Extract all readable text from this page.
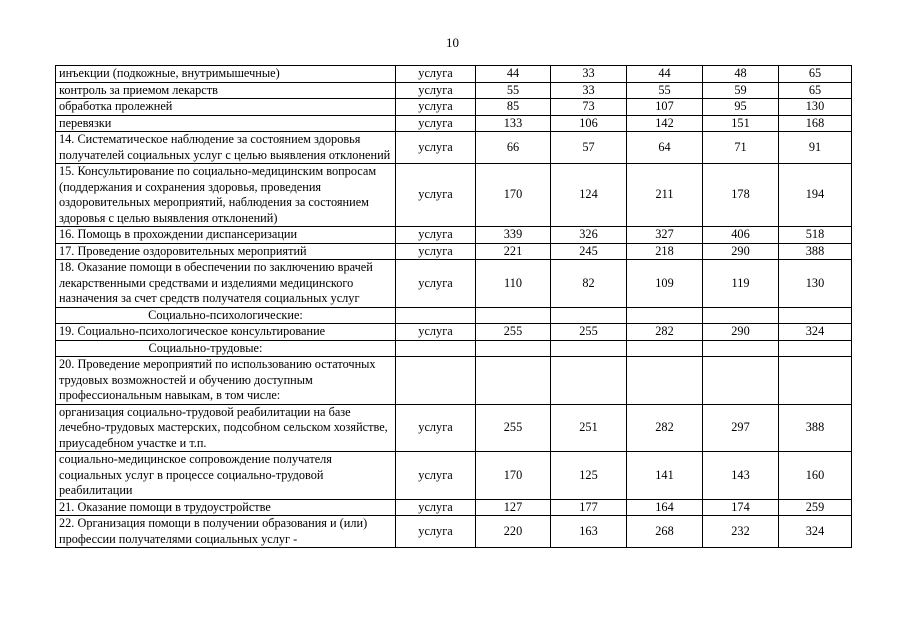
10
инъекции (подкожные, внутримышечные)	услуга	44	33	44	48	65
контроль за приемом лекарств	услуга	55	33	55	59	65
обработка пролежней	услуга	85	73	107	95	130
перевязки	услуга	133	106	142	151	168
14. Систематическое наблюдение за состоянием здоровья получателей социальных услуг с целью выявления отклонений	услуга	66	57	64	71	91
15. Консультирование по социально-медицинским вопросам (поддержания и сохранения здоровья, проведения оздоровительных мероприятий, наблюдения за состоянием здоровья с целью выявления отклонений)	услуга	170	124	211	178	194
16. Помощь в прохождении диспансеризации	услуга	339	326	327	406	518
17. Проведение оздоровительных мероприятий	услуга	221	245	218	290	388
18. Оказание помощи в обеспечении по заключению врачей лекарственными средствами и изделиями медицинского назначения за счет средств получателя социальных услуг	услуга	110	82	109	119	130

Социально-психологические:						

19. Социально-психологическое консультирование	услуга	255	255	282	290	324

Социально-трудовые:						

20. Проведение мероприятий по использованию остаточных трудовых возможностей и обучению доступным профессиональным навыкам, в том числе:						
организация социально-трудовой реабилитации на базе лечебно-трудовых мастерских, подсобном сельском хозяйстве, приусадебном участке и т.п.	услуга	255	251	282	297	388
социально-медицинское сопровождение получателя социальных услуг в процессе социально-трудовой реабилитации	услуга	170	125	141	143	160
21. Оказание помощи в трудоустройстве	услуга	127	177	164	174	259
22. Организация помощи в получении образования и (или) профессии получателями социальных услуг -	услуга	220	163	268	232	324
